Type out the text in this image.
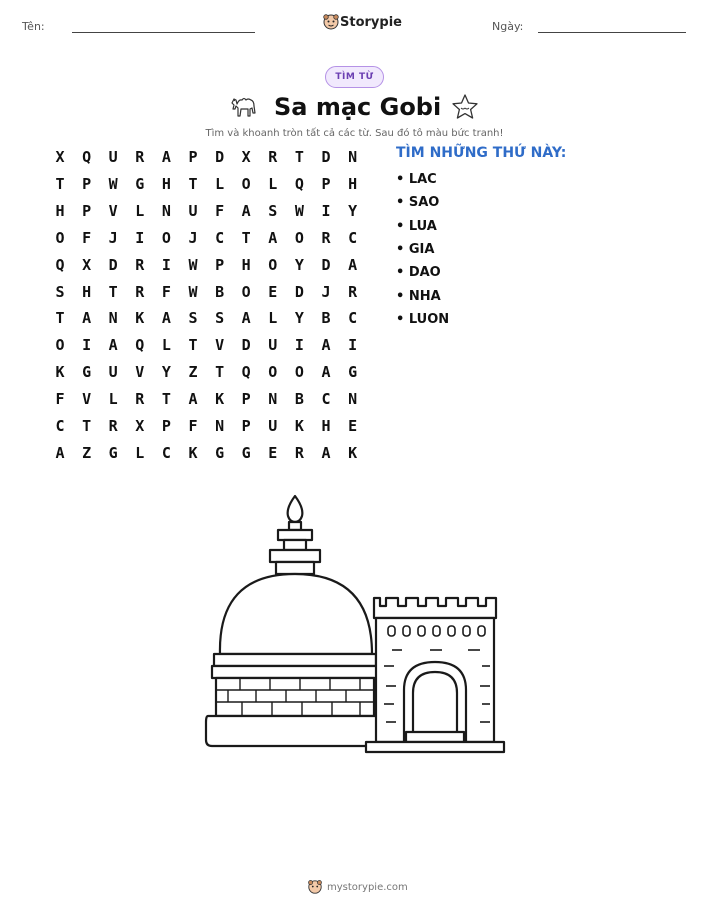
Tên:	Storypie	Ngày:
TÌM TỪ
Sa mạc Gobi
Tìm và khoanh tròn tất cả các từ. Sau đó tô màu bức tranh!
X	Q	U	R	A	P	D	X	R	T	D	N
T	P	W	G	H	T	L	O	L	Q	P	H
H	P	V	L	N	U	F	A	S	W	I	Y
O	F	J	I	O	J	C	T	A	O	R	C
Q	X	D	R	I	W	P	H	O	Y	D	A
S	H	T	R	F	W	B	O	E	D	J	R
T	A	N	K	A	S	S	A	L	Y	B	C
O	I	A	Q	L	T	V	D	U	I	A	I
K	G	U	V	Y	Z	T	Q	O	O	A	G
F	V	L	R	T	A	K	P	N	B	C	N
C	T	R	X	P	F	N	P	U	K	H	E
A	Z	G	L	C	K	G	G	E	R	A	K
TÌM NHỮNG THỨ NÀY:
• LAC
• SAO
• LUA
• GIA
• DAO
• NHA
• LUON
mystorypie.com
